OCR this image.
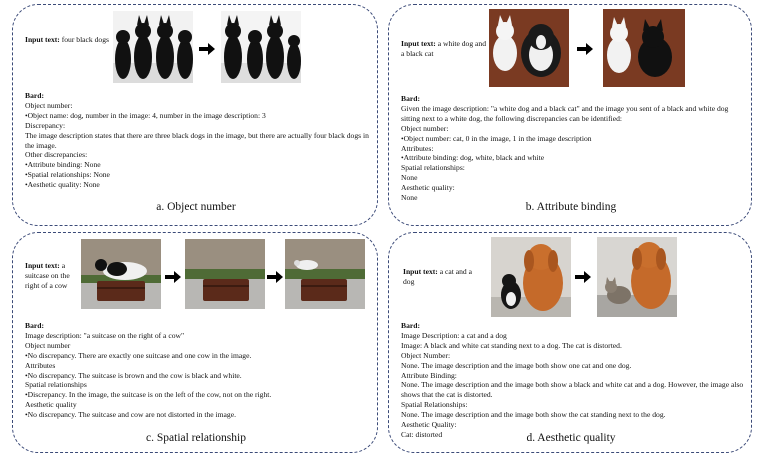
Input text: four black dogs
Bard:
Object number:
•Object name: dog, number in the image: 4, number in the image description: 3
Discrepancy:
The image description states that there are three black dogs in the image, but there are actually four black dogs in the image.
Other discrepancies:
•Attribute binding: None
•Spatial relationships: None
•Aesthetic quality: None
a. Object number
Input text: a white dog and a black cat
Bard:
Given the image description: "a white dog and a black cat" and the image you sent of a black and white dog sitting next to a white dog, the following discrepancies can be identified:
Object number:
•Object number: cat, 0 in the image, 1 in the image description
Attributes:
•Attribute binding: dog, white, black and white
Spatial relationships:
None
Aesthetic quality:
None
b. Attribute binding
Input text: a suitcase on the right of a cow
Bard:
Image description: "a suitcase on the right of a cow"
Object number
•No discrepancy. There are exactly one suitcase and one cow in the image.
Attributes
•No discrepancy. The suitcase is brown and the cow is black and white.
Spatial relationships
•Discrepancy. In the image, the suitcase is on the left of the cow, not on the right.
Aesthetic quality
•No discrepancy. The suitcase and cow are not distorted in the image.
c. Spatial relationship
Input text: a cat and a dog
Bard:
Image Description: a cat and a dog
Image: A black and white cat standing next to a dog. The cat is distorted.
Object Number:
None. The image description and the image both show one cat and one dog.
Attribute Binding:
None. The image description and the image both show a black and white cat and a dog. However, the image also shows that the cat is distorted.
Spatial Relationships:
None. The image description and the image both show the cat standing next to the dog.
Aesthetic Quality:
Cat: distorted	d. Aesthetic quality
